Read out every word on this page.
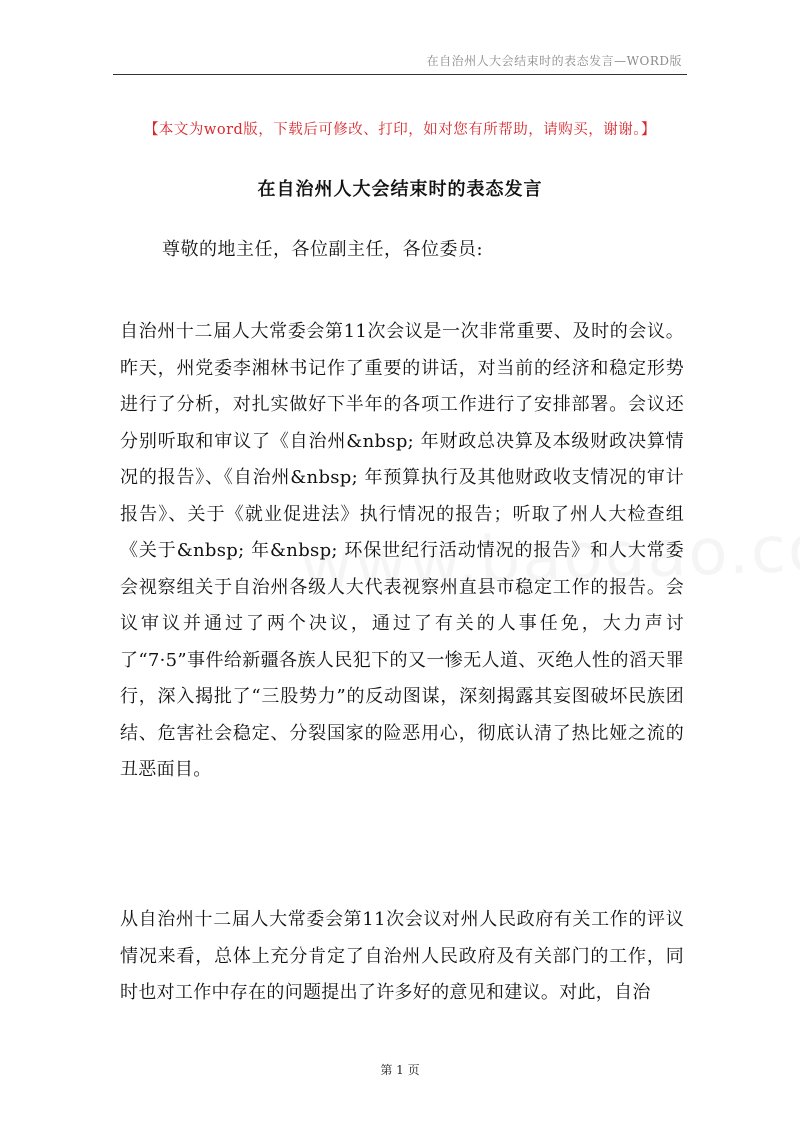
在自治州人大会结束时的表态发言—WORD版
【本文为word版，下载后可修改、打印，如对您有所帮助，请购买，谢谢。】
在自治州人大会结束时的表态发言
尊敬的地主任，各位副主任，各位委员:

自治州十二届人大常委会第11次会议是一次非常重要、及时的会议。昨天，州党委李湘林书记作了重要的讲话，对当前的经济和稳定形势进行了分析，对扎实做好下半年的各项工作进行了安排部署。会议还分别听取和审议了《自治州&nbsp; 年财政总决算及本级财政决算情况的报告》、《自治州&nbsp; 年预算执行及其他财政收支情况的审计报告》、关于《就业促进法》执行情况的报告；听取了州人大检查组《关于&nbsp; 年&nbsp; 环保世纪行活动情况的报告》和人大常委会视察组关于自治州各级人大代表视察州直县市稳定工作的报告。会议审议并通过了两个决议，通过了有关的人事任免，大力声讨了“7·5”事件给新疆各族人民犯下的又一惨无人道、灭绝人性的滔天罪行，深入揭批了“三股势力”的反动图谋，深刻揭露其妄图破坏民族团结、危害社会稳定、分裂国家的险恶用心，彻底认清了热比娅之流的丑恶面目。

从自治州十二届人大常委会第11次会议对州人民政府有关工作的评议情况来看，总体上充分肯定了自治州人民政府及有关部门的工作，同时也对工作中存在的问题提出了许多好的意见和建议。对此，自治

第 1 页
